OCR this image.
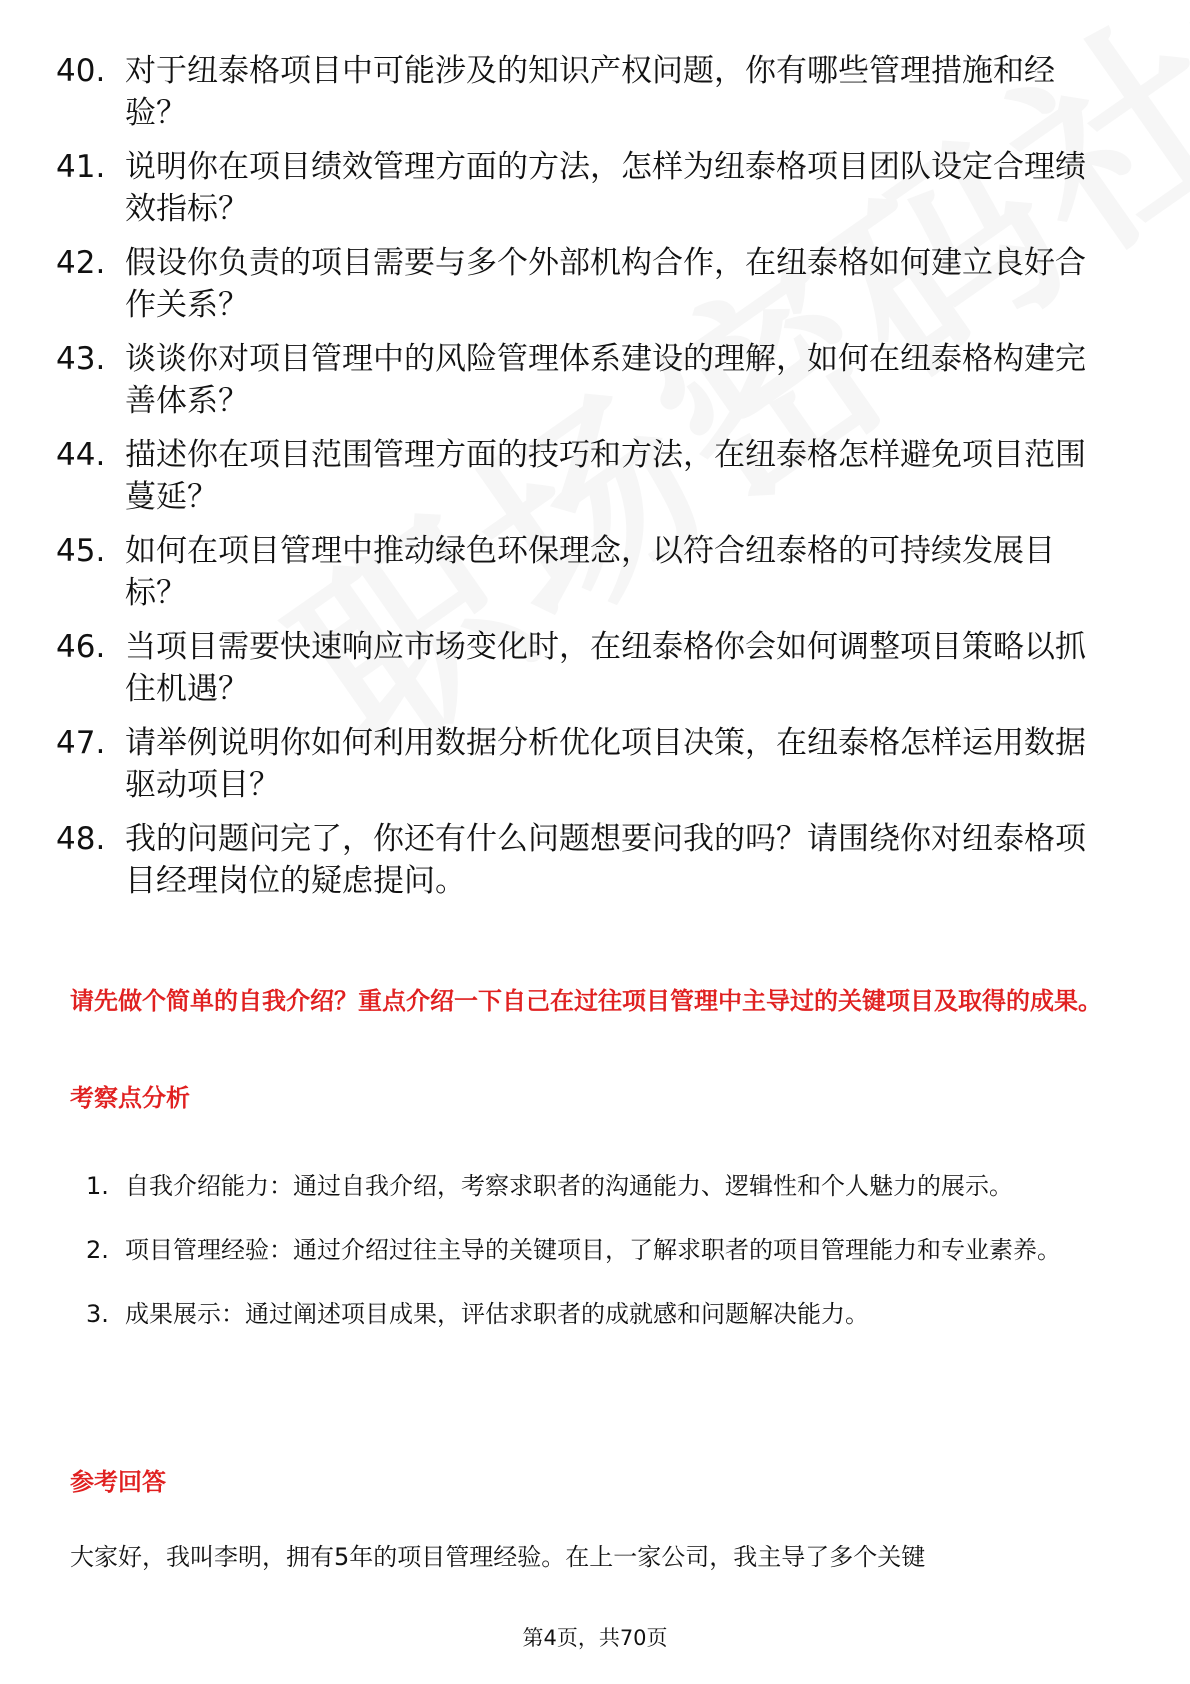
40. 对于纽泰格项目中可能涉及的知识产权问题，你有哪些管理措施和经验？
41. 说明你在项目绩效管理方面的方法，怎样为纽泰格项目团队设定合理绩效指标？
42. 假设你负责的项目需要与多个外部机构合作，在纽泰格如何建立良好合作关系？
43. 谈谈你对项目管理中的风险管理体系建设的理解，如何在纽泰格构建完善体系？
44. 描述你在项目范围管理方面的技巧和方法，在纽泰格怎样避免项目范围蔓延？
45. 如何在项目管理中推动绿色环保理念，以符合纽泰格的可持续发展目标？
46. 当项目需要快速响应市场变化时，在纽泰格你会如何调整项目策略以抓住机遇？
47. 请举例说明你如何利用数据分析优化项目决策，在纽泰格怎样运用数据驱动项目？
48. 我的问题问完了，你还有什么问题想要问我的吗？请围绕你对纽泰格项目经理岗位的疑虑提问。

请先做个简单的自我介绍？重点介绍一下自己在过往项目管理中主导过的关键项目及取得的成果。

考察点分析
1. 自我介绍能力：通过自我介绍，考察求职者的沟通能力、逻辑性和个人魅力的展示。
2. 项目管理经验：通过介绍过往主导的关键项目，了解求职者的项目管理能力和专业素养。
3. 成果展示：通过阐述项目成果，评估求职者的成就感和问题解决能力。
参考回答

大家好，我叫李明，拥有5年的项目管理经验。在上一家公司，我主导了多个关键

第4页，共70页
